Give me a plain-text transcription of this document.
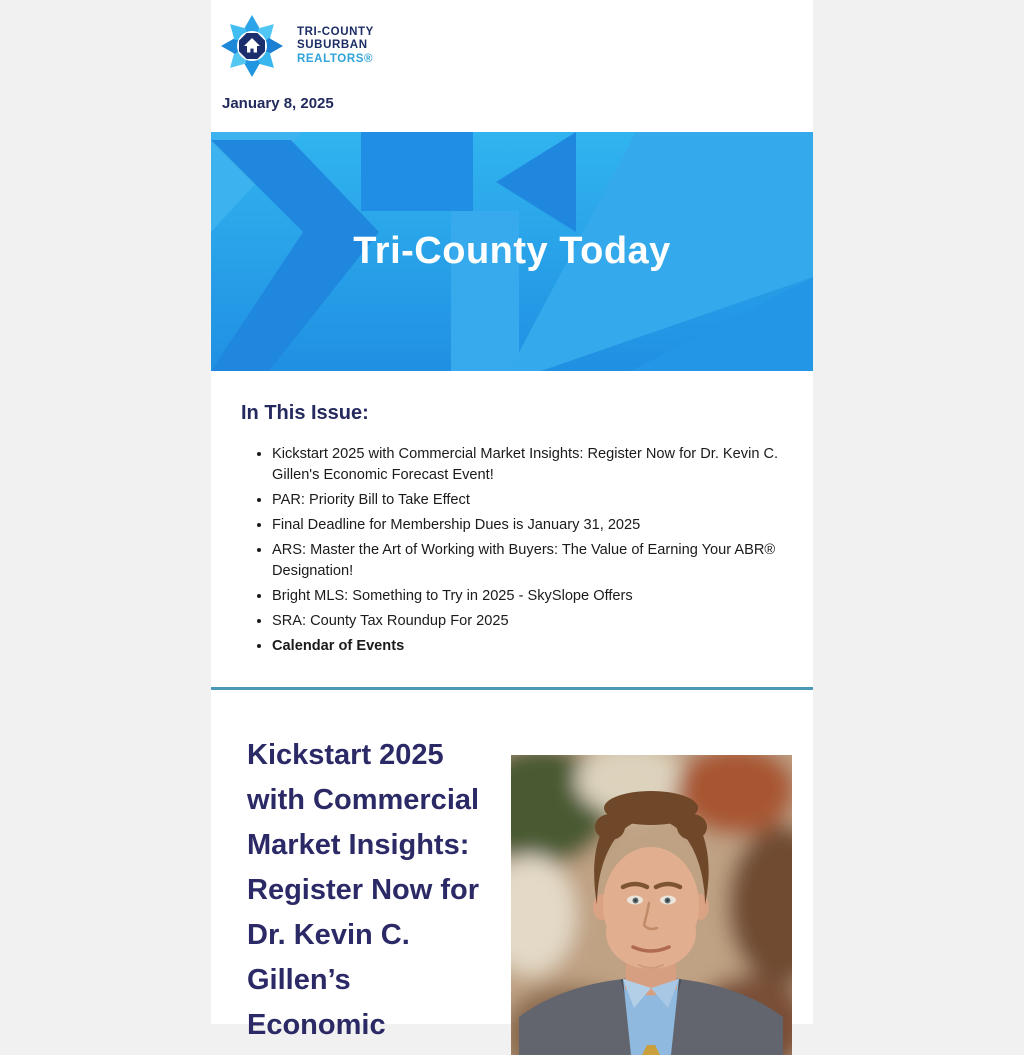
TRI-COUNTY
SUBURBAN
REALTORS®
January 8, 2025
Tri-County Today
In This Issue:
• Kickstart 2025 with Commercial Market Insights: Register Now for Dr. Kevin C. Gillen's Economic Forecast Event!
• PAR: Priority Bill to Take Effect
• Final Deadline for Membership Dues is January 31, 2025
• ARS: Master the Art of Working with Buyers: The Value of Earning Your ABR® Designation!
• Bright MLS: Something to Try in 2025 - SkySlope Offers
• SRA: County Tax Roundup For 2025
• Calendar of Events
Kickstart 2025
with Commercial
Market Insights:
Register Now for
Dr. Kevin C.
Gillen’s
Economic
